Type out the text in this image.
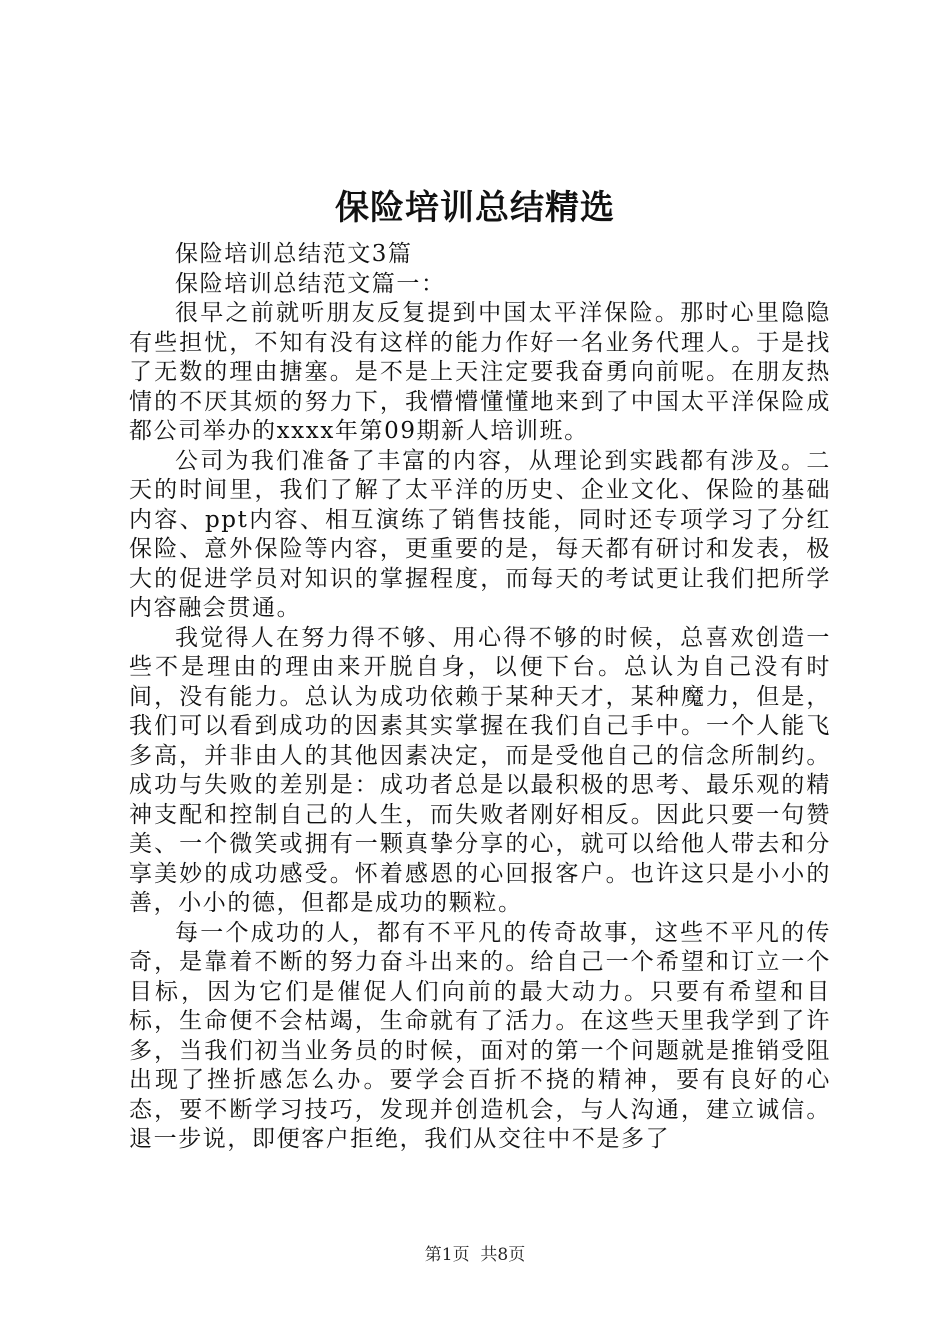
保险培训总结精选

保险培训总结范文3篇

保险培训总结范文篇一：

很早之前就听朋友反复提到中国太平洋保险。那时心里隐隐有些担忧，不知有没有这样的能力作好一名业务代理人。于是找了无数的理由搪塞。是不是上天注定要我奋勇向前呢。在朋友热情的不厌其烦的努力下，我懵懵懂懂地来到了中国太平洋保险成都公司举办的xxxx年第09期新人培训班。

公司为我们准备了丰富的内容，从理论到实践都有涉及。二天的时间里，我们了解了太平洋的历史、企业文化、保险的基础内容、ppt内容、相互演练了销售技能，同时还专项学习了分红保险、意外保险等内容，更重要的是，每天都有研讨和发表，极大的促进学员对知识的掌握程度，而每天的考试更让我们把所学内容融会贯通。

我觉得人在努力得不够、用心得不够的时候，总喜欢创造一些不是理由的理由来开脱自身，以便下台。总认为自己没有时间，没有能力。总认为成功依赖于某种天才，某种魔力，但是，我们可以看到成功的因素其实掌握在我们自己手中。一个人能飞多高，并非由人的其他因素决定，而是受他自己的信念所制约。成功与失败的差别是：成功者总是以最积极的思考、最乐观的精神支配和控制自己的人生，而失败者刚好相反。因此只要一句赞美、一个微笑或拥有一颗真挚分享的心，就可以给他人带去和分享美妙的成功感受。怀着感恩的心回报客户。也许这只是小小的善，小小的德，但都是成功的颗粒。

每一个成功的人，都有不平凡的传奇故事，这些不平凡的传奇，是靠着不断的努力奋斗出来的。给自己一个希望和订立一个目标，因为它们是催促人们向前的最大动力。只要有希望和目标，生命便不会枯竭，生命就有了活力。在这些天里我学到了许多，当我们初当业务员的时候，面对的第一个问题就是推销受阻出现了挫折感怎么办。要学会百折不挠的精神，要有良好的心态，要不断学习技巧，发现并创造机会，与人沟通，建立诚信。退一步说，即便客户拒绝，我们从交往中不是多了

第1页 共8页
